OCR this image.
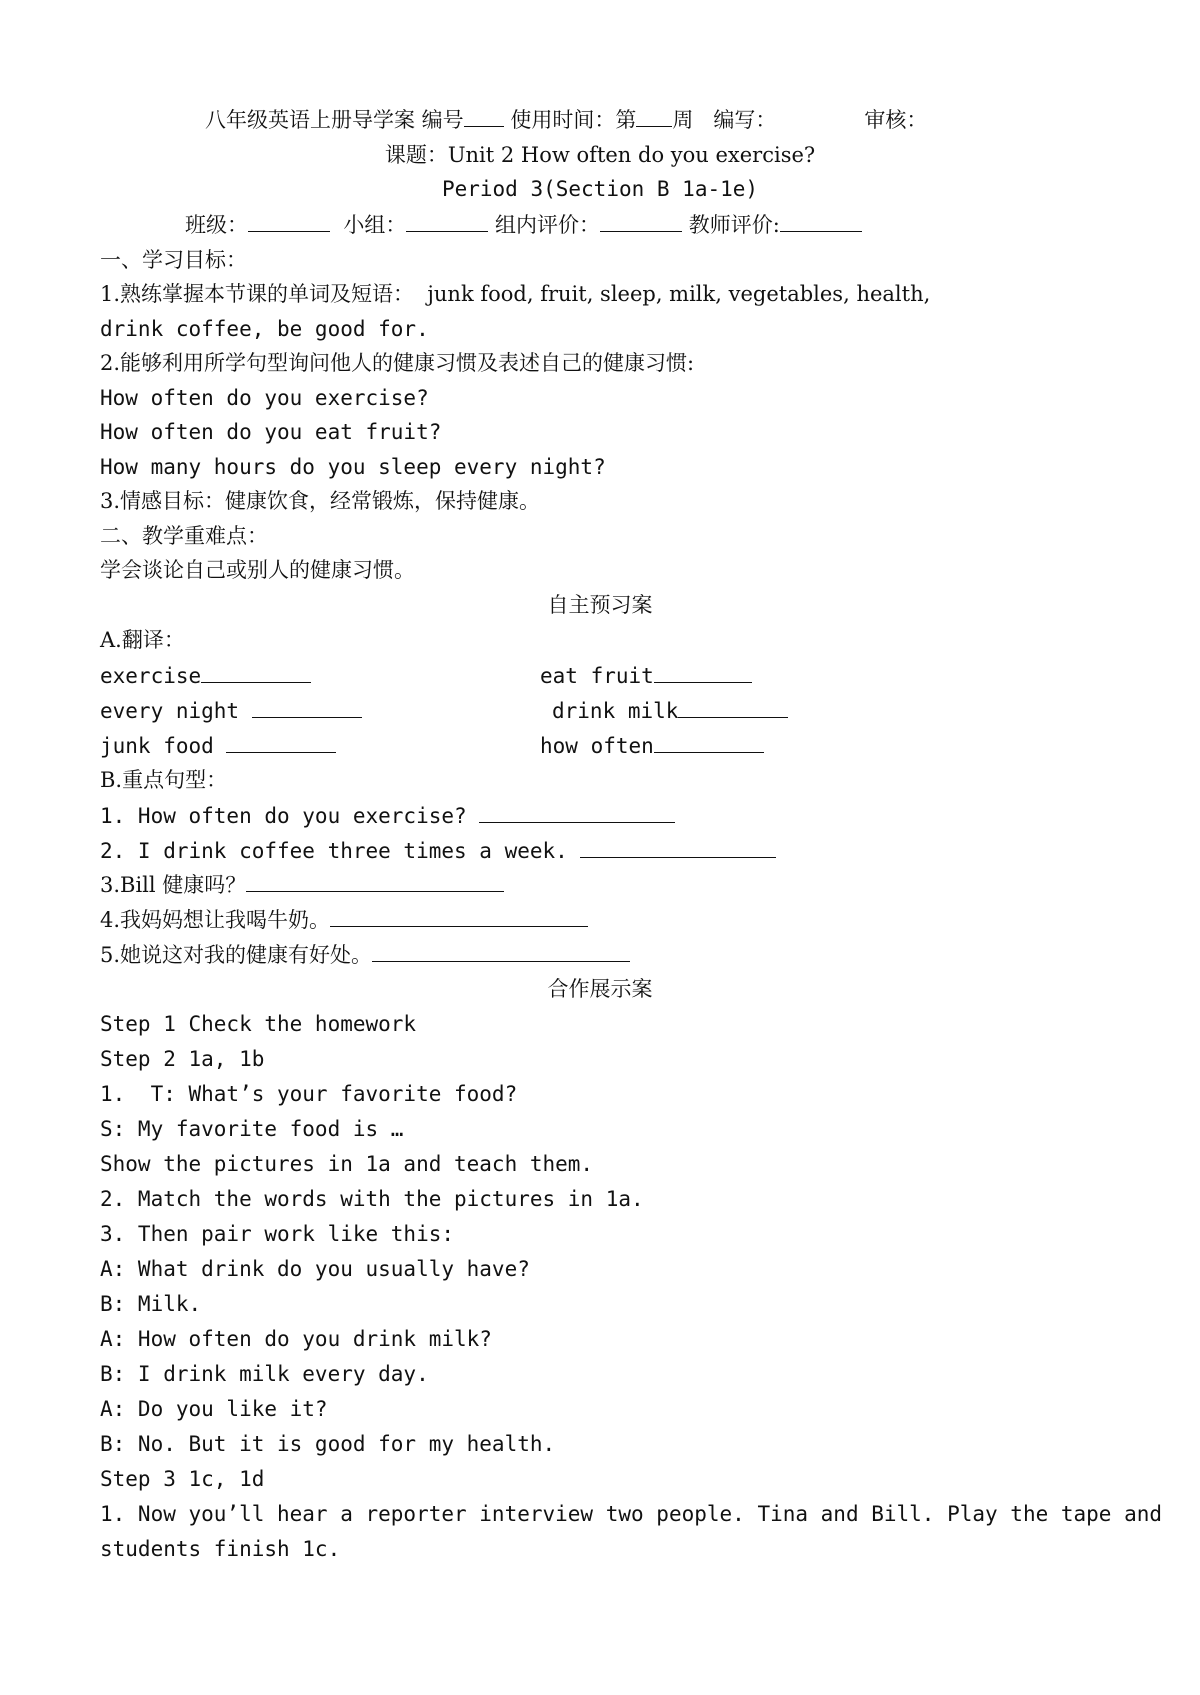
八年级英语上册导学案 编号 使用时间：第 周   编写：	审核：
课题：Unit 2 How often do you exercise?
Period 3(Section B 1a-1e)
班级：	小组：	组内评价：	教师评价:
一、学习目标：
1.熟练掌握本节课的单词及短语：  junk food, fruit, sleep, milk, vegetables, health,
drink coffee, be good for.
2.能够利用所学句型询问他人的健康习惯及表述自己的健康习惯:
How often do you exercise?
How often do you eat fruit?
How many hours do you sleep every night?
3.情感目标：健康饮食，经常锻炼，保持健康。
二、教学重难点：
学会谈论自己或别人的健康习惯。
自主预习案
A.翻译：
exercise	eat fruit
every night	drink milk
junk food	how often
B.重点句型：
1. How often do you exercise?
2. I drink coffee three times a week.
3.Bill 健康吗？
4.我妈妈想让我喝牛奶。
5.她说这对我的健康有好处。
合作展示案
Step 1 Check the homework
Step 2 1a, 1b
1.  T: What’s your favorite food?
S: My favorite food is …
Show the pictures in 1a and teach them.
2. Match the words with the pictures in 1a.
3. Then pair work like this:
A: What drink do you usually have?
B: Milk.
A: How often do you drink milk?
B: I drink milk every day.
A: Do you like it?
B: No. But it is good for my health.
Step 3 1c, 1d
1. Now you’ll hear a reporter interview two people. Tina and Bill. Play the tape and
students finish 1c.
